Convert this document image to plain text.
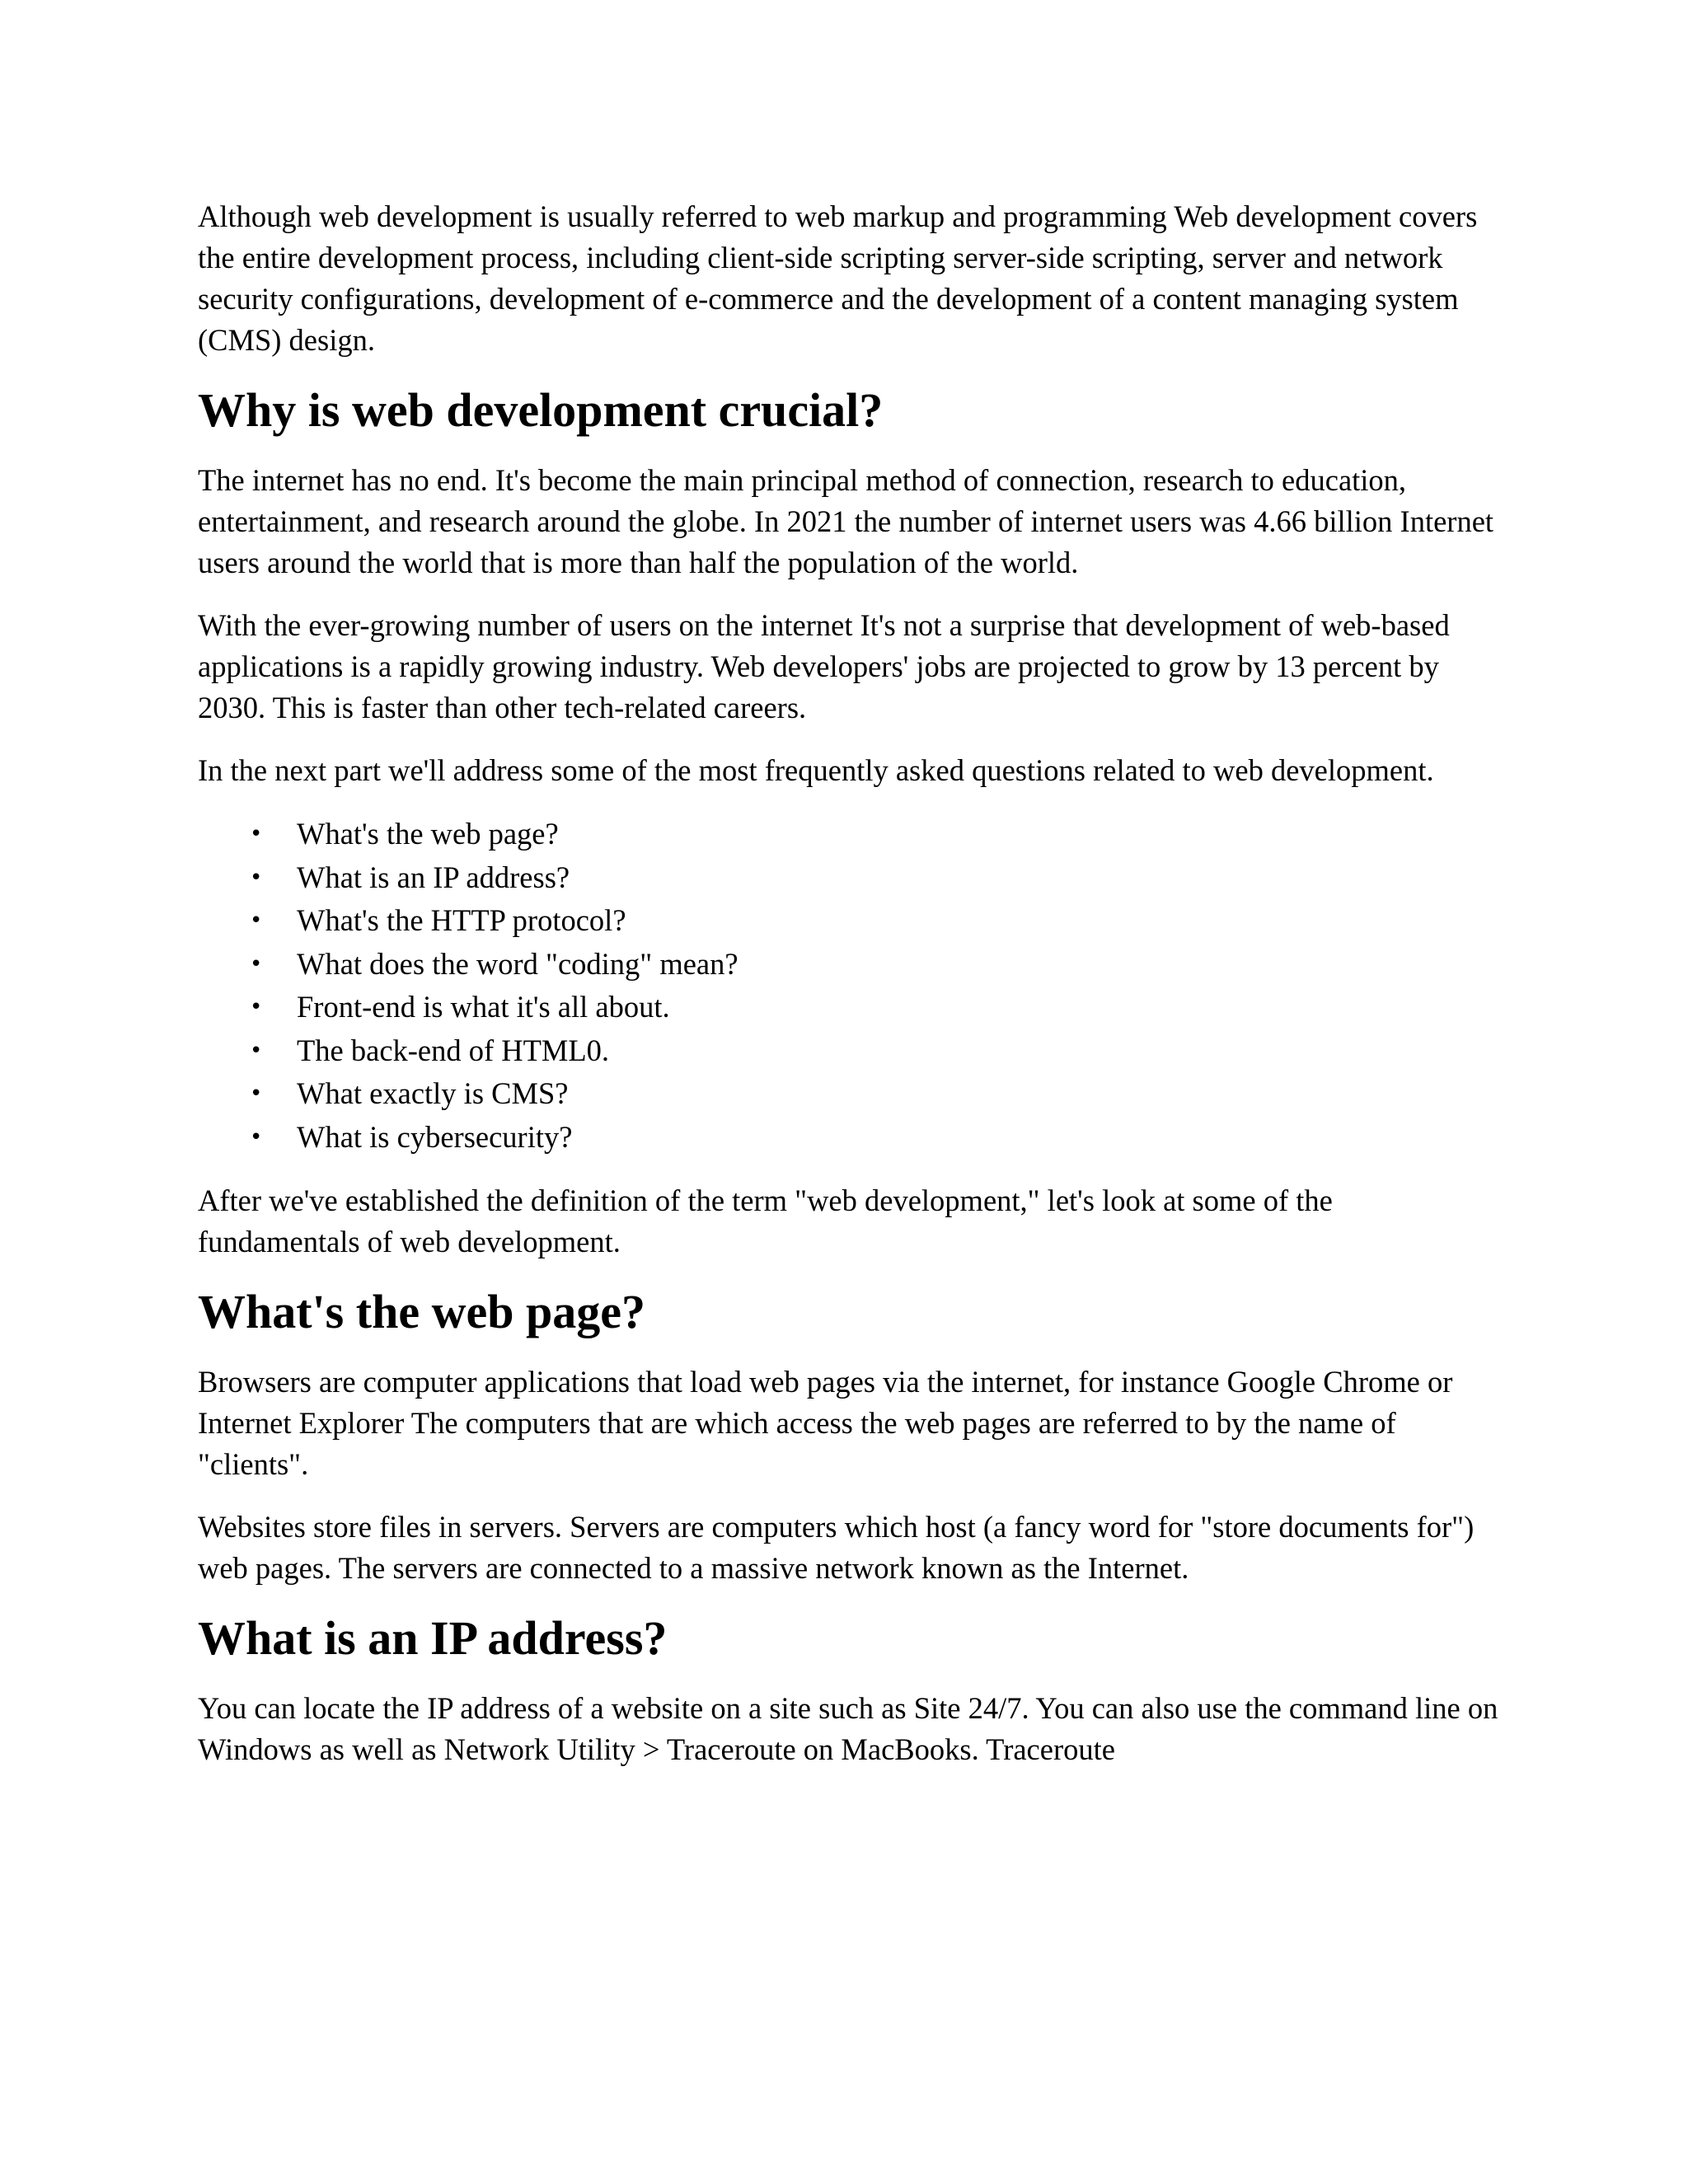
Although web development is usually referred to web markup and programming Web development covers the entire development process, including client-side scripting server-side scripting, server and network security configurations, development of e-commerce and the development of a content managing system (CMS) design.

Why is web development crucial?

The internet has no end. It's become the main principal method of connection, research to education, entertainment, and research around the globe. In 2021 the number of internet users was 4.66 billion Internet users around the world that is more than half the population of the world.

With the ever-growing number of users on the internet It's not a surprise that development of web-based applications is a rapidly growing industry. Web developers' jobs are projected to grow by 13 percent by 2030. This is faster than other tech-related careers.

In the next part we'll address some of the most frequently asked questions related to web development.

• What's the web page?
• What is an IP address?
• What's the HTTP protocol?
• What does the word "coding" mean?
• Front-end is what it's all about.
• The back-end of HTML0.
• What exactly is CMS?
• What is cybersecurity?

After we've established the definition of the term "web development," let's look at some of the fundamentals of web development.

What's the web page?

Browsers are computer applications that load web pages via the internet, for instance Google Chrome or Internet Explorer The computers that are which access the web pages are referred to by the name of "clients".

Websites store files in servers. Servers are computers which host (a fancy word for "store documents for") web pages. The servers are connected to a massive network known as the Internet.

What is an IP address?

You can locate the IP address of a website on a site such as Site 24/7. You can also use the command line on Windows as well as Network Utility > Traceroute on MacBooks. Traceroute
